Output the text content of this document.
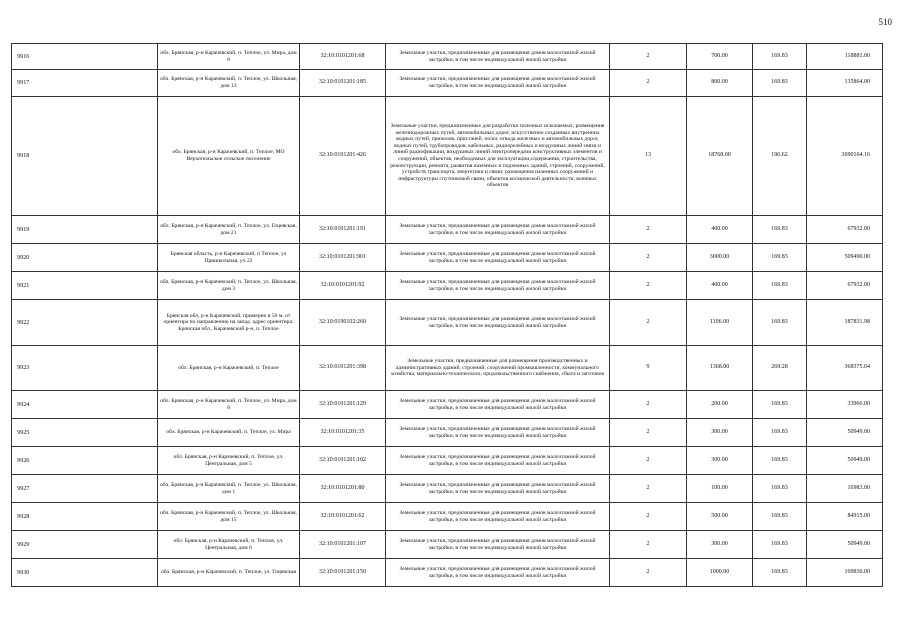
510
9916	обл. Брянская, р-н Карачевский, п. Теплое, ул. Мира, дом 8	32:10:0101201:68	Земельные участки, предназначенные для размещения домов малоэтажной жилой застройки, в том числе индивидуальной жилой застройки	2	700.00	169.83	118881.00
9917	обл. Брянская, р-н Карачевский, п. Теплое, ул. Школьная, дом 13	32:10:0101201:185	Земельные участки, предназначенные для размещения домов малоэтажной жилой застройки, в том числе индивидуальной жилой застройки	2	800.00	169.83	135864.00
9918	обл. Брянская, р-н Карачевский, п. Теплое, МО Верхопольское сельское поселение	32:10:0101201:426	Земельные участки, предназначенные для разработки полезных ископаемых, размещения железнодорожных путей, автомобильных дорог, искусственно созданных внутренних водных путей, причалов, пристаней, полос отвода железных и автомобильных дорог, водных путей, трубопроводов, кабельных, радиорелейных и воздушных линий связи и линий радиофикации, воздушных линий электропередачи конструктивных элементов и сооружений, объектов, необходимых для эксплуатации,содержания, строительства, реконструкции, ремонта, развития наземных и подземных зданий, строений, сооружений, устройств транспорта, энергетики и связи; размещения наземных сооружений и инфраструктуры спутниковой связи, объектов космической деятельности, военных объектов	13	18768.00	196.62	3690164.16
9919	обл. Брянская, р-н Карачевский, п. Теплое, ул. Гоцевская, дом 21	32:10:0101201:191	Земельные участки, предназначенные для размещения домов малоэтажной жилой застройки, в том числе индивидуальной жилой застройки	2	400.00	169.83	67932.00
9920	Брянская область, р-н Карачевский, п Теплое, ул Пришкольная, уч 22	32:10:0101201:901	Земельные участки, предназначенные для размещения домов малоэтажной жилой застройки, в том числе индивидуальной жилой застройки	2	3000.00	169.83	509490.00
9921	обл. Брянская, р-н Карачевский, п. Теплое, ул. Школьная, дом 3	32:10:0101201:92	Земельные участки, предназначенные для размещения домов малоэтажной жилой застройки, в том числе индивидуальной жилой застройки	2	400.00	169.83	67932.00
9922	Брянская обл, р-н Карачевский, примерно в 50 м. от ориентира по направлению на запад. адрес ориентира: Брянская обл., Карачевский р-н, п. Теплое	32:10:0190102:260	Земельные участки, предназначенные для размещения домов малоэтажной жилой застройки, в том числе индивидуальной жилой застройки	2	1106.00	169.83	187831.98
9923	обл. Брянская, р-н Карачевский, п. Теплое	32:10:0101201:398	Земельные участки, предназначенные для размещения производственных и административных зданий, строений, сооружений промышленности, коммунального хозяйства, материально-технического, продовольственного снабжения, сбыта и заготовок	9	1368.00	269.28	368375.04
9924	обл. Брянская, р-н Карачевский, п. Теплое, ул. Мира, дом 8	32:10:0101201:129	Земельные участки, предназначенные для размещения домов малоэтажной жилой застройки, в том числе индивидуальной жилой застройки	2	200.00	169.83	33966.00
9925	обл. Брянская, р-н Карачевский, п. Теплое, ул. Мира	32:10:0101201:35	Земельные участки, предназначенные для размещения домов малоэтажной жилой застройки, в том числе индивидуальной жилой застройки	2	300.00	169.83	50949.00
9926	обл. Брянская, р-н Карачевский, п. Теплое, ул. Центральная, дом 5	32:10:0101201:102	Земельные участки, предназначенные для размещения домов малоэтажной жилой застройки, в том числе индивидуальной жилой застройки	2	300.00	169.83	50949.00
9927	обл. Брянская, р-н Карачевский, п. Теплое, ул. Школьная, дом 1	32:10:0101201:80	Земельные участки, предназначенные для размещения домов малоэтажной жилой застройки, в том числе индивидуальной жилой застройки	2	100.00	169.83	16983.00
9928	обл. Брянская, р-н Карачевский, п. Теплое, ул. Школьная, дом 15	32:10:0101201:62	Земельные участки, предназначенные для размещения домов малоэтажной жилой застройки, в том числе индивидуальной жилой застройки	2	500.00	169.83	84915.00
9929	обл. Брянская, р-н Карачевский, п. Теплое, ул. Центральная, дом 6	32:10:0101201:107	Земельные участки, предназначенные для размещения домов малоэтажной жилой застройки, в том числе индивидуальной жилой застройки	2	300.00	169.83	50949.00
9930	обл. Брянская, р-н Карачевский, п. Теплое, ул. Гоцевская	32:10:0101201:150	Земельные участки, предназначенные для размещения домов малоэтажной жилой застройки, в том числе индивидуальной жилой застройки	2	1000.00	169.83	169830.00
